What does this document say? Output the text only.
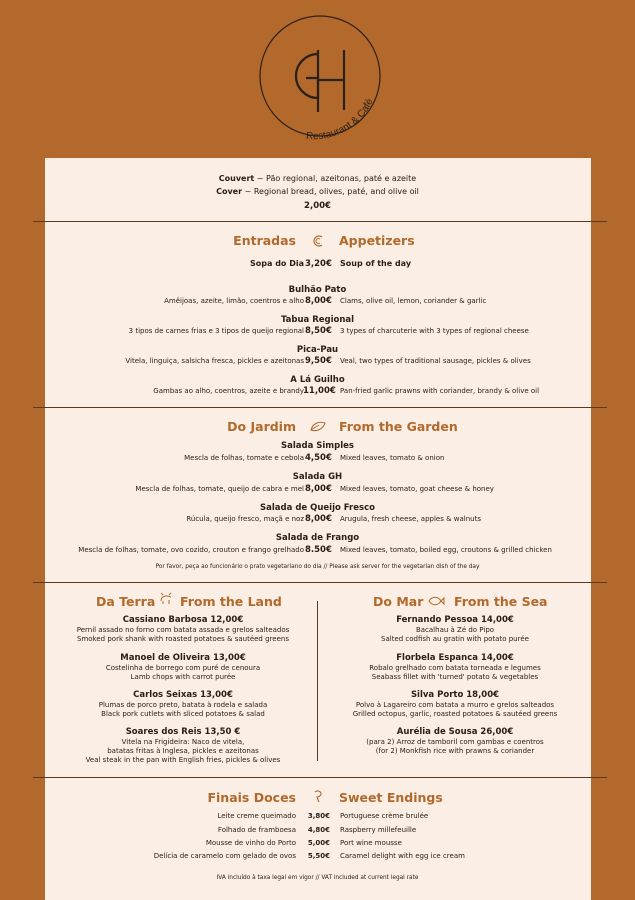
Restaurant & Café
Couvert ~ Pão regional, azeitonas, paté e azeite
Cover ~ Regional bread, olives, paté, and olive oil
2,00€
Entradas	Appetizers
Sopa do Dia 3,20€ Soup of the day
Bulhão Pato
Amêijoas, azeite, limão, coentros e alho 8,00€ Clams, olive oil, lemon, coriander & garlic
Tabua Regional
3 tipos de carnes frias e 3 tipos de queijo regional 8,50€ 3 types of charcuterie with 3 types of regional cheese
Pica-Pau
Vitela, linguiça, salsicha fresca, pickles e azeitonas 9,50€ Veal, two types of traditional sausage, pickles & olives
A Lá Guilho
Gambas ao alho, coentros, azeite e brandy 11,00€ Pan-fried garlic prawns with coriander, brandy & olive oil
Do Jardim	From the Garden
Salada Simples
Mescla de folhas, tomate e cebola 4,50€ Mixed leaves, tomato & onion
Salada GH
Mescla de folhas, tomate, queijo de cabra e mel 8,00€ Mixed leaves, tomato, goat cheese & honey
Salada de Queijo Fresco
Rúcula, queijo fresco, maçã e noz 8,00€ Arugula, fresh cheese, apples & walnuts
Salada de Frango
Mescla de folhas, tomate, ovo cozido, crouton e frango grelhado 8.50€ Mixed leaves, tomato, boiled egg, croutons & grilled chicken
Por favor, peça ao funcionário o prato vegetariano do dia // Please ask server for the vegetarian dish of the day
Da Terra From the Land
Cassiano Barbosa 12,00€
Pernil assado no forno com batata assada e grelos salteados
Smoked pork shank with roasted potatoes & sautéed greens
Manoel de Oliveira 13,00€
Costelinha de borrego com puré de cenoura
Lamb chops with carrot purée
Carlos Seixas 13,00€
Plumas de porco preto, batata à rodela e salada
Black pork cutlets with sliced potatoes & salad
Soares dos Reis 13,50 €
Vitela na Frigideira: Naco de vitela,
batatas fritas à Inglesa, pickles e azeitonas
Veal steak in the pan with English fries, pickles & olives
Do Mar From the Sea
Fernando Pessoa 14,00€
Bacalhau à Zé do Pipo
Salted codfish au gratin with potato purée
Florbela Espanca 14,00€
Robalo grelhado com batata torneada e legumes
Seabass fillet with 'turned' potato & vegetables
Silva Porto 18,00€
Polvo à Lagareiro com batata a murro e grelos salteados
Grilled octopus, garlic, roasted potatoes & sautéed greens
Aurélia de Sousa 26,00€
(para 2) Arroz de tamboril com gambas e coentros
(for 2) Monkfish rice with prawns & coriander
Finais Doces	Sweet Endings
Leite creme queimado	3,80€ Portuguese crème brulée
Folhado de framboesa	4,80€ Raspberry millefeuille
Mousse de vinho do Porto	5,00€ Port wine mousse
Delícia de caramelo com gelado de ovos	5,50€ Caramel delight with egg ice cream
IVA incluído à taxa legal em vigor // VAT included at current legal rate
